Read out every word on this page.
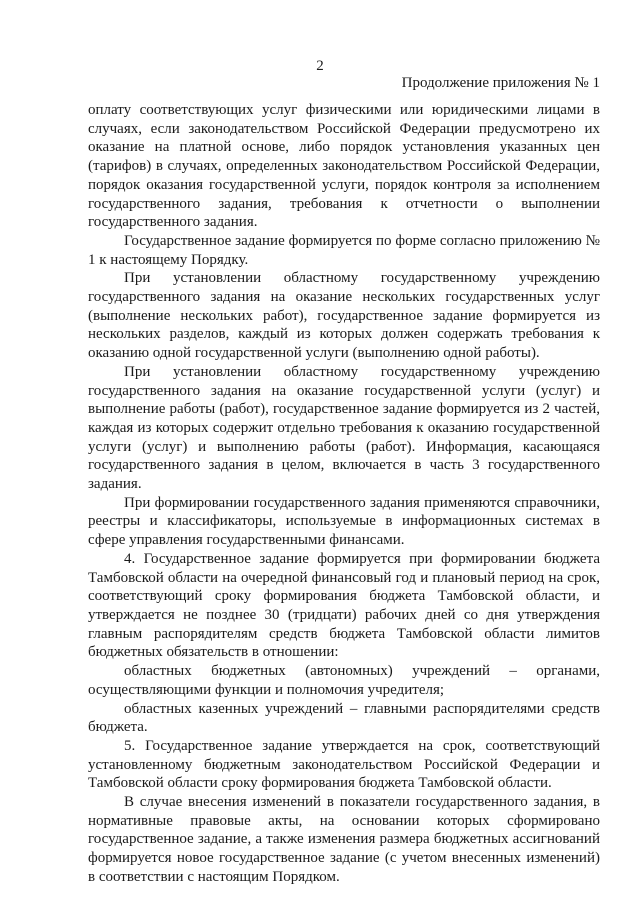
2
Продолжение приложения № 1

оплату соответствующих услуг физическими или юридическими лицами в случаях, если законодательством Российской Федерации предусмотрено их оказание на платной основе, либо порядок установления указанных цен (тарифов) в случаях, определенных законодательством Российской Федерации, порядок оказания государственной услуги, порядок контроля за исполнением государственного задания, требования к отчетности о выполнении государственного задания.

Государственное задание формируется по форме согласно приложению № 1 к настоящему Порядку.

При установлении областному государственному учреждению государственного задания на оказание нескольких государственных услуг (выполнение нескольких работ), государственное задание формируется из нескольких разделов, каждый из которых должен содержать требования к оказанию одной государственной услуги (выполнению одной работы).

При установлении областному государственному учреждению государственного задания на оказание государственной услуги (услуг) и выполнение работы (работ), государственное задание формируется из 2 частей, каждая из которых содержит отдельно требования к оказанию государственной услуги (услуг) и выполнению работы (работ). Информация, касающаяся государственного задания в целом, включается в часть 3 государственного задания.

При формировании государственного задания применяются справочники, реестры и классификаторы, используемые в информационных системах в сфере управления государственными финансами.

4. Государственное задание формируется при формировании бюджета Тамбовской области на очередной финансовый год и плановый период на срок, соответствующий сроку формирования бюджета Тамбовской области, и утверждается не позднее 30 (тридцати) рабочих дней со дня утверждения главным распорядителям средств бюджета Тамбовской области лимитов бюджетных обязательств в отношении:

областных бюджетных (автономных) учреждений – органами, осуществляющими функции и полномочия учредителя;

областных казенных учреждений – главными распорядителями средств бюджета.

5. Государственное задание утверждается на срок, соответствующий установленному бюджетным законодательством Российской Федерации и Тамбовской области сроку формирования бюджета Тамбовской области.

В случае внесения изменений в показатели государственного задания, в нормативные правовые акты, на основании которых сформировано государственное задание, а также изменения размера бюджетных ассигнований формируется новое государственное задание (с учетом внесенных изменений) в соответствии с настоящим Порядком.
